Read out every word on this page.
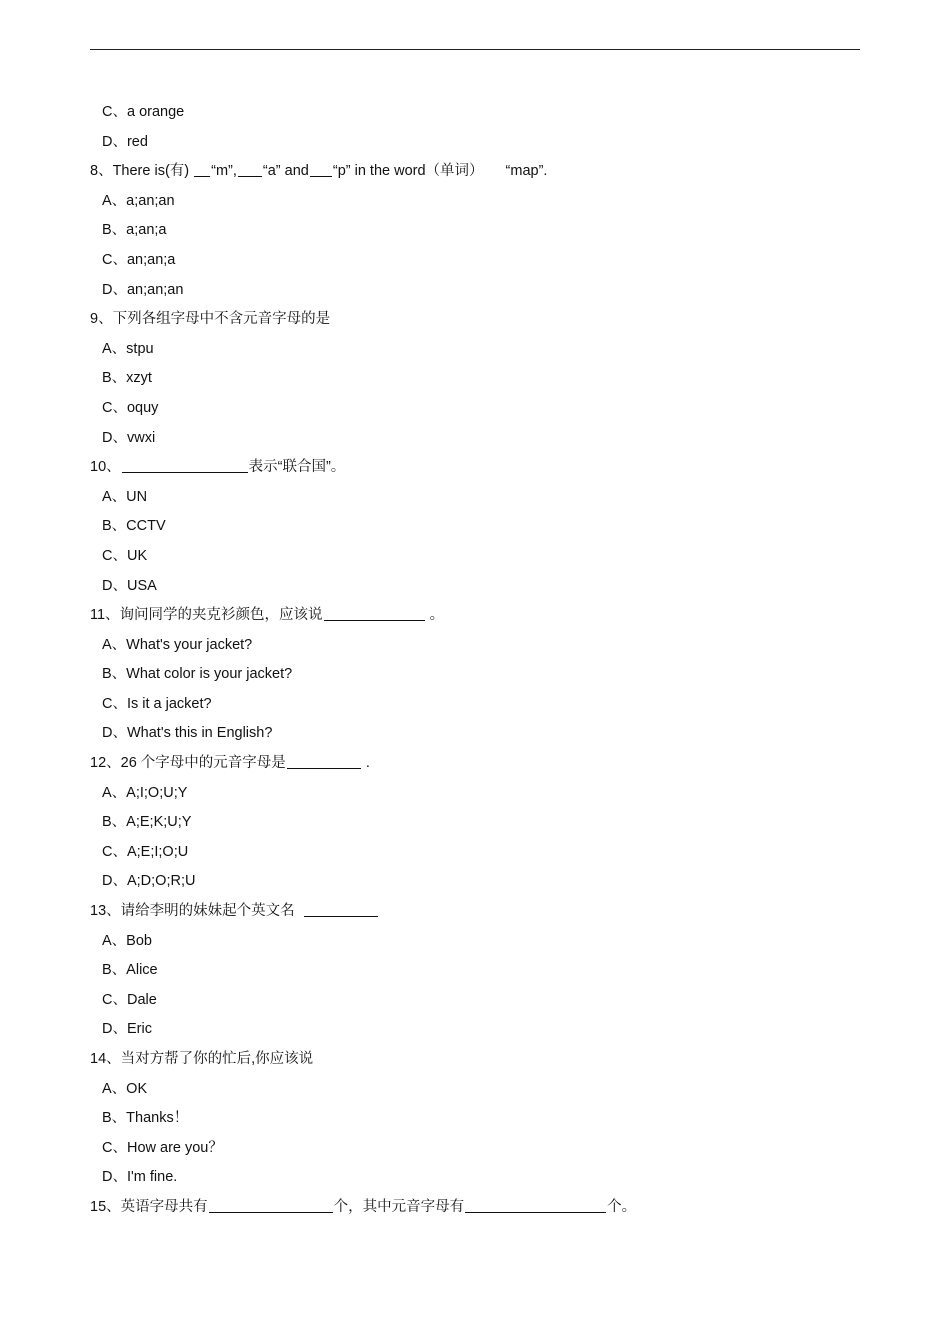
C、a orange
D、red
8、There is(有) “m”, “a” and “p” in the word（单词） “map”.
A、a;an;an
B、a;an;a
C、an;an;a
D、an;an;an
9、下列各组字母中不含元音字母的是
A、stpu
B、xzyt
C、oquy
D、vwxi
10、	表示“联合国”。
A、UN
B、CCTV
C、UK
D、USA
11、询问同学的夹克衫颜色，应该说	。
A、What's your jacket?
B、What color is your jacket?
C、Is it a jacket?
D、What's this in English?
12、26 个字母中的元音字母是	.
A、A;I;O;U;Y
B、A;E;K;U;Y
C、A;E;I;O;U
D、A;D;O;R;U
13、请给李明的妹妹起个英文名
A、Bob
B、Alice
C、Dale
D、Eric
14、当对方帮了你的忙后,你应该说
A、OK
B、Thanks！
C、How are you？
D、I'm fine.
15、英语字母共有	个，其中元音字母有	个。
